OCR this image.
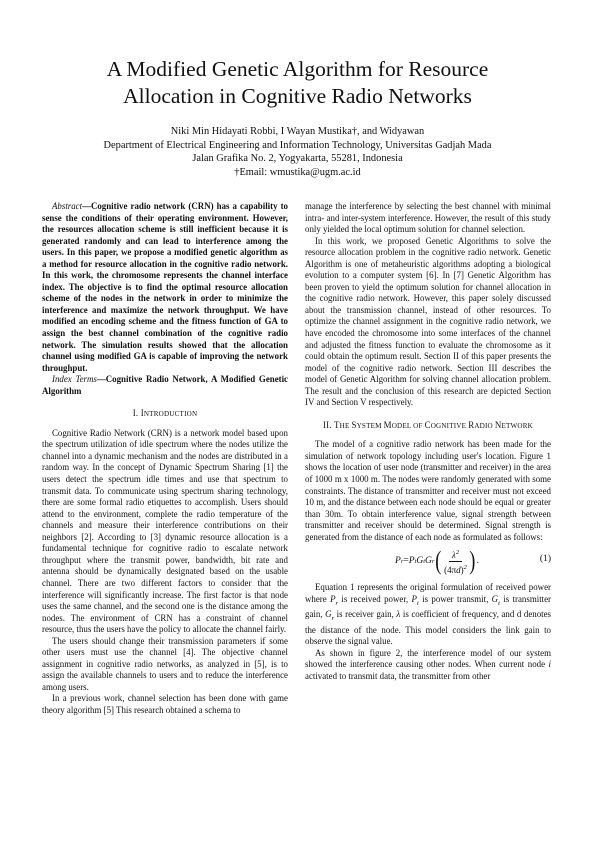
A Modified Genetic Algorithm for Resource
Allocation in Cognitive Radio Networks
Niki Min Hidayati Robbi, I Wayan Mustika†, and Widyawan
Department of Electrical Engineering and Information Technology, Universitas Gadjah Mada
Jalan Grafika No. 2, Yogyakarta, 55281, Indonesia
†Email: wmustika@ugm.ac.id

Abstract—Cognitive radio network (CRN) has a capability to sense the conditions of their operating environment. However, the resources allocation scheme is still inefficient because it is generated randomly and can lead to interference among the users. In this paper, we propose a modified genetic algorithm as a method for resource allocation in the cognitive radio network. In this work, the chromosome represents the channel interface index. The objective is to find the optimal resource allocation scheme of the nodes in the network in order to minimize the interference and maximize the network throughput. We have modified an encoding scheme and the fitness function of GA to assign the best channel combination of the cognitive radio network. The simulation results showed that the allocation channel using modified GA is capable of improving the network throughput.

Index Terms—Cognitive Radio Network, A Modified Genetic Algorithm

I. INTRODUCTION

Cognitive Radio Network (CRN) is a network model based upon the spectrum utilization of idle spectrum where the nodes utilize the channel into a dynamic mechanism and the nodes are distributed in a random way. In the concept of Dynamic Spectrum Sharing [1] the users detect the spectrum idle times and use that spectrum to transmit data. To communicate using spectrum sharing technology, there are some formal radio etiquettes to accomplish. Users should attend to the environment, complete the radio temperature of the channels and measure their interference contributions on their neighbors [2]. According to [3] dynamic resource allocation is a fundamental technique for cognitive radio to escalate network throughput where the transmit power, bandwidth, bit rate and antenna should be dynamically designated based on the usable channel. There are two different factors to consider that the interference will significantly increase. The first factor is that node uses the same channel, and the second one is the distance among the nodes. The environment of CRN has a constraint of channel resource, thus the users have the policy to allocate the channel fairly.

The users should change their transmission parameters if some other users must use the channel [4]. The objective channel assignment in cognitive radio networks, as analyzed in [5], is to assign the available channels to users and to reduce the interference among users.

In a previous work, channel selection has been done with game theory algorithm [5] This research obtained a schema to

manage the interference by selecting the best channel with minimal intra- and inter-system interference. However, the result of this study only yielded the local optimum solution for channel selection.

In this work, we proposed Genetic Algorithms to solve the resource allocation problem in the cognitive radio network. Genetic Algorithm is one of metaheuristic algorithms adopting a biological evolution to a computer system [6]. In [7] Genetic Algorithm has been proven to yield the optimum solution for channel allocation in the cognitive radio network. However, this paper solely discussed about the transmission channel, instead of other resources. To optimize the channel assignment in the cognitive radio network, we have encoded the chromosome into some interfaces of the channel and adjusted the fitness function to evaluate the chromosome as it could obtain the optimum result. Section II of this paper presents the model of the cognitive radio network. Section III describes the model of Genetic Algorithm for solving channel allocation problem. The result and the conclusion of this research are depicted Section IV and Section V respectively.

II. THE SYSTEM MODEL OF COGNITIVE RADIO NETWORK

The model of a cognitive radio network has been made for the simulation of network topology including user's location. Figure 1 shows the location of user node (transmitter and receiver) in the area of 1000 m x 1000 m. The nodes were randomly generated with some constraints. The distance of transmitter and receiver must not exceed 10 m, and the distance between each node should be equal or greater than 30m. To obtain interference value, signal strength between transmitter and receiver should be determined. Signal strength is generated from the distance of each node as formulated as follows:

P r = P t G t G r ( $\frac{\lambda^2}{(4\pi d)^2}$ ) .	(1)

Equation 1 represents the original formulation of received power where $P_r$ is received power, $P_t$ is power transmit, $G_t$ is transmitter gain, $G_r$ is receiver gain, λ is coefficient of frequency, and d denotes the distance of the node. This model considers the link gain to observe the signal value.

As shown in figure 2, the interference model of our system showed the interference causing other nodes. When current node i activated to transmit data, the transmitter from other
